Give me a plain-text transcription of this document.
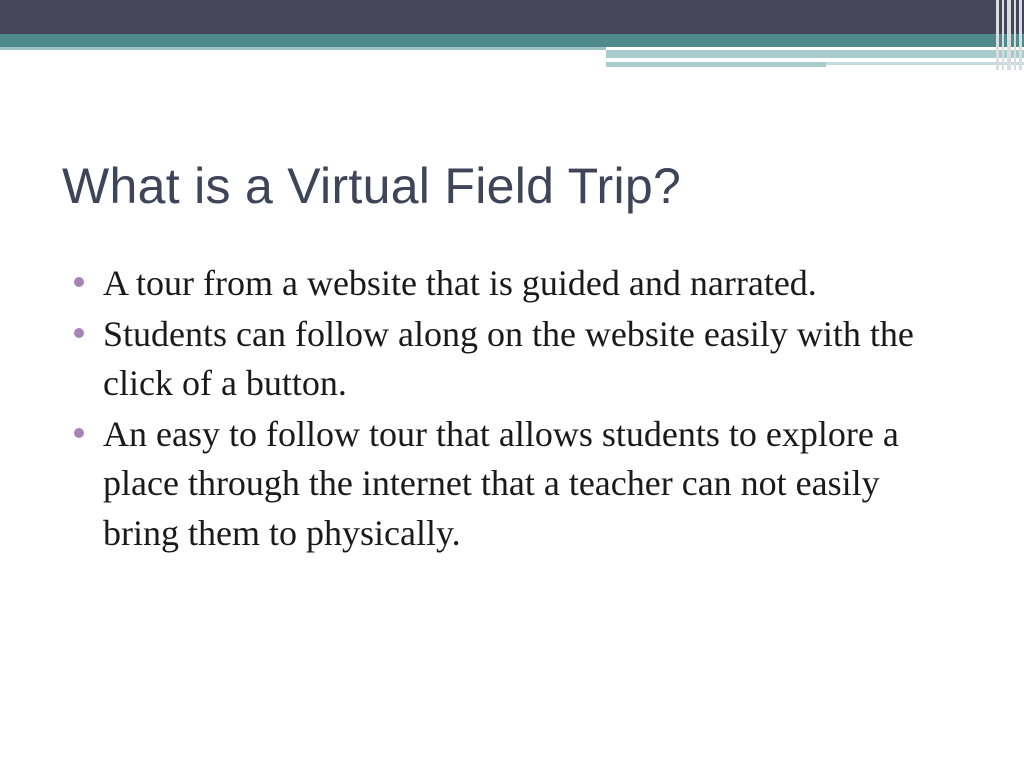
What is a Virtual Field Trip?
A tour from a website that is guided and narrated.
Students can follow along on the website easily with the click of a button.
An easy to follow tour that allows students to explore a place through the internet that a teacher can not easily bring them to physically.
